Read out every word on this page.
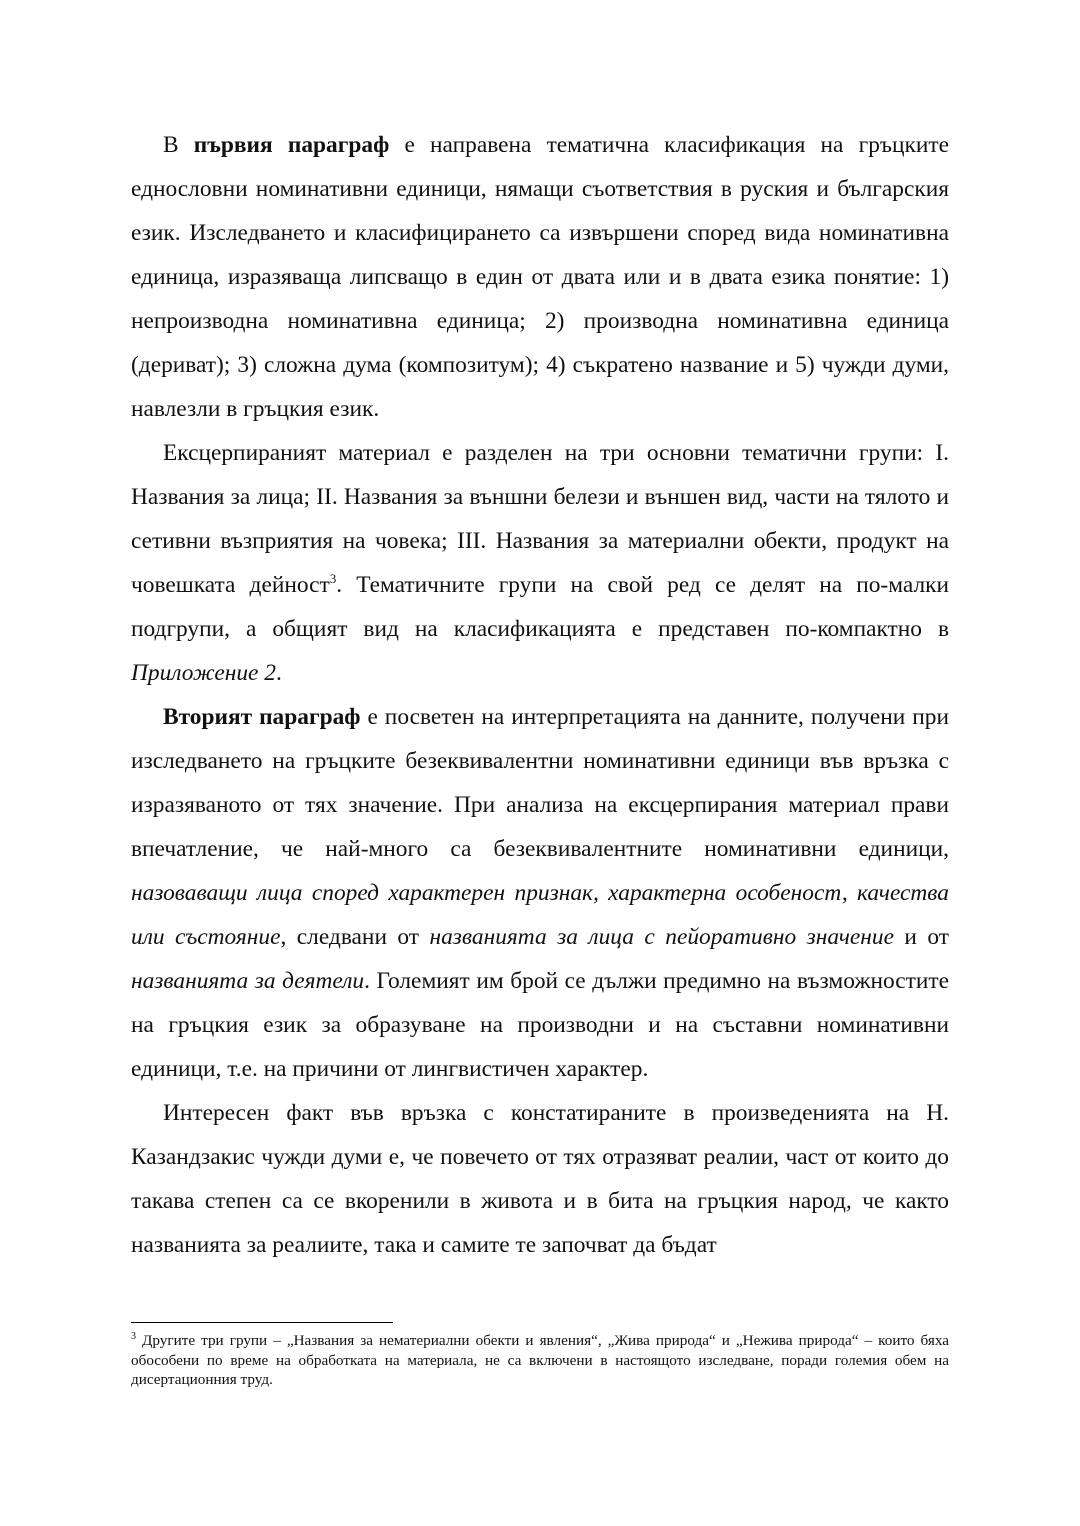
В първия параграф е направена тематична класификация на гръцките еднословни номинативни единици, нямащи съответствия в руския и българския език. Изследването и класифицирането са извършени според вида номинативна единица, изразяваща липсващо в един от двата или и в двата езика понятие: 1) непроизводна номинативна единица; 2) производна номинативна единица (дериват); 3) сложна дума (композитум); 4) съкратено название и 5) чужди думи, навлезли в гръцкия език.

Ексцерпираният материал е разделен на три основни тематични групи: I. Названия за лица; II. Названия за външни белези и външен вид, части на тялото и сетивни възприятия на човека; III. Названия за материални обекти, продукт на човешката дейност$^3$. Тематичните групи на свой ред се делят на по-малки подгрупи, а общият вид на класификацията е представен по-компактно в Приложение 2.

Вторият параграф е посветен на интерпретацията на данните, получени при изследването на гръцките безеквивалентни номинативни единици във връзка с изразяваното от тях значение. При анализа на ексцерпирания материал прави впечатление, че най-много са безеквивалентните номинативни единици, назоваващи лица според характерен признак, характерна особеност, качества или състояние, следвани от названията за лица с пейоративно значение и от названията за деятели. Големият им брой се дължи предимно на възможностите на гръцкия език за образуване на производни и на съставни номинативни единици, т.е. на причини от лингвистичен характер.

Интересен факт във връзка с констатираните в произведенията на Н. Казандзакис чужди думи е, че повечето от тях отразяват реалии, част от които до такава степен са се вкоренили в живота и в бита на гръцкия народ, че както названията за реалиите, така и самите те започват да бъдат

$^3$ Другите три групи – „Названия за нематериални обекти и явления“, „Жива природа“ и „Нежива природа“ – които бяха обособени по време на обработката на материала, не са включени в настоящото изследване, поради големия обем на дисертационния труд.
